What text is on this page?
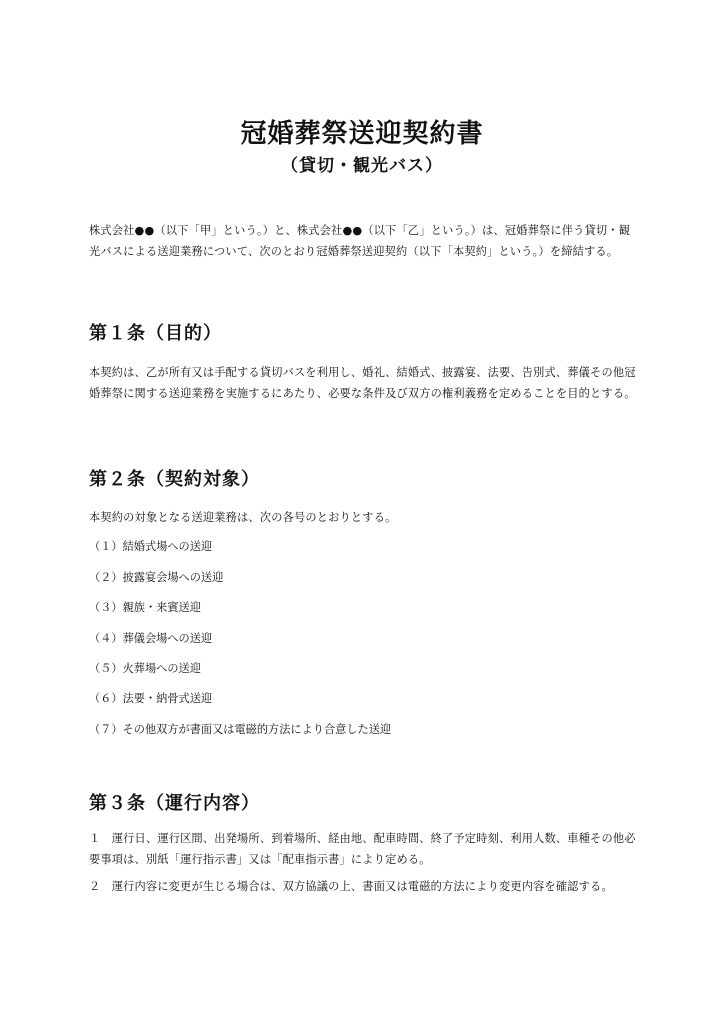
冠婚葬祭送迎契約書
（貸切・観光バス）

株式会社●●（以下「甲」という。）と、株式会社●●（以下「乙」という。）は、冠婚葬祭に伴う貸切・観光バスによる送迎業務について、次のとおり冠婚葬祭送迎契約（以下「本契約」という。）を締結する。

第１条（目的）

本契約は、乙が所有又は手配する貸切バスを利用し、婚礼、結婚式、披露宴、法要、告別式、葬儀その他冠婚葬祭に関する送迎業務を実施するにあたり、必要な条件及び双方の権利義務を定めることを目的とする。

第２条（契約対象）

本契約の対象となる送迎業務は、次の各号のとおりとする。

（１）結婚式場への送迎

（２）披露宴会場への送迎

（３）親族・来賓送迎

（４）葬儀会場への送迎

（５）火葬場への送迎

（６）法要・納骨式送迎

（７）その他双方が書面又は電磁的方法により合意した送迎

第３条（運行内容）

１　運行日、運行区間、出発場所、到着場所、経由地、配車時間、終了予定時刻、利用人数、車種その他必要事項は、別紙「運行指示書」又は「配車指示書」により定める。

２　運行内容に変更が生じる場合は、双方協議の上、書面又は電磁的方法により変更内容を確認する。
